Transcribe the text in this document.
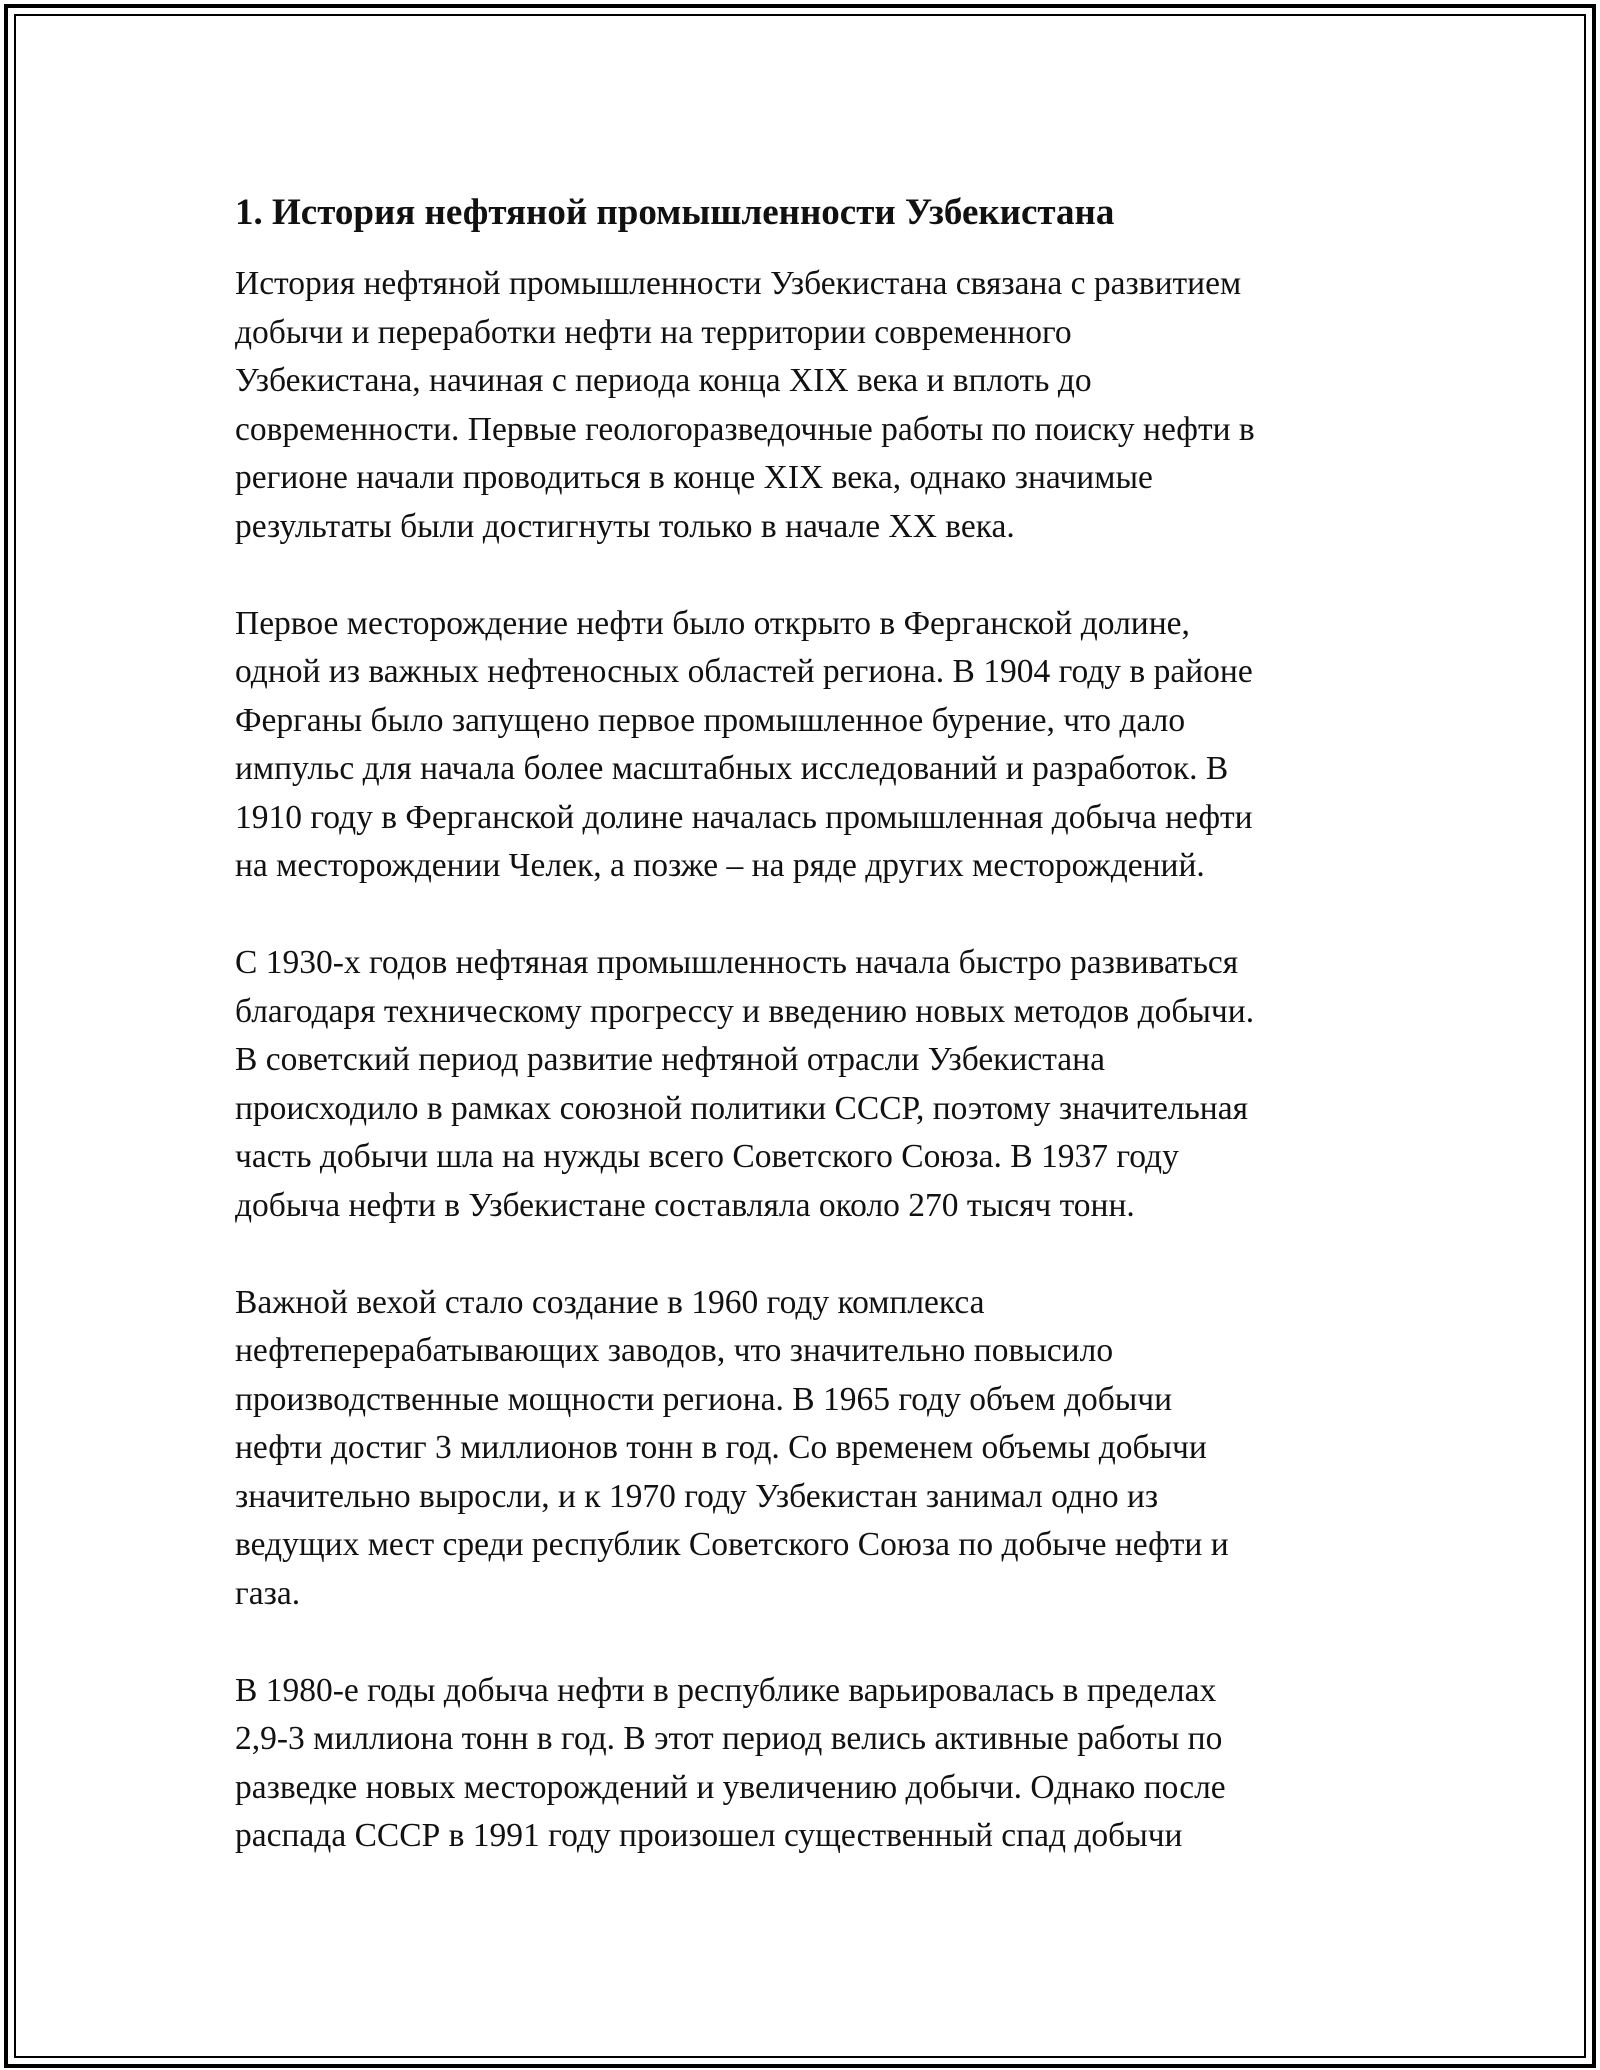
1. История нефтяной промышленности Узбекистана

История нефтяной промышленности Узбекистана связана с развитием
добычи и переработки нефти на территории современного
Узбекистана, начиная с периода конца XIX века и вплоть до
современности. Первые геологоразведочные работы по поиску нефти в
регионе начали проводиться в конце XIX века, однако значимые
результаты были достигнуты только в начале XX века.

Первое месторождение нефти было открыто в Ферганской долине,
одной из важных нефтеносных областей региона. В 1904 году в районе
Ферганы было запущено первое промышленное бурение, что дало
импульс для начала более масштабных исследований и разработок. В
1910 году в Ферганской долине началась промышленная добыча нефти
на месторождении Челек, а позже – на ряде других месторождений.

С 1930-х годов нефтяная промышленность начала быстро развиваться
благодаря техническому прогрессу и введению новых методов добычи.
В советский период развитие нефтяной отрасли Узбекистана
происходило в рамках союзной политики СССР, поэтому значительная
часть добычи шла на нужды всего Советского Союза. В 1937 году
добыча нефти в Узбекистане составляла около 270 тысяч тонн.

Важной вехой стало создание в 1960 году комплекса
нефтеперерабатывающих заводов, что значительно повысило
производственные мощности региона. В 1965 году объем добычи
нефти достиг 3 миллионов тонн в год. Со временем объемы добычи
значительно выросли, и к 1970 году Узбекистан занимал одно из
ведущих мест среди республик Советского Союза по добыче нефти и
газа.

В 1980-е годы добыча нефти в республике варьировалась в пределах
2,9-3 миллиона тонн в год. В этот период велись активные работы по
разведке новых месторождений и увеличению добычи. Однако после
распада СССР в 1991 году произошел существенный спад добычи
